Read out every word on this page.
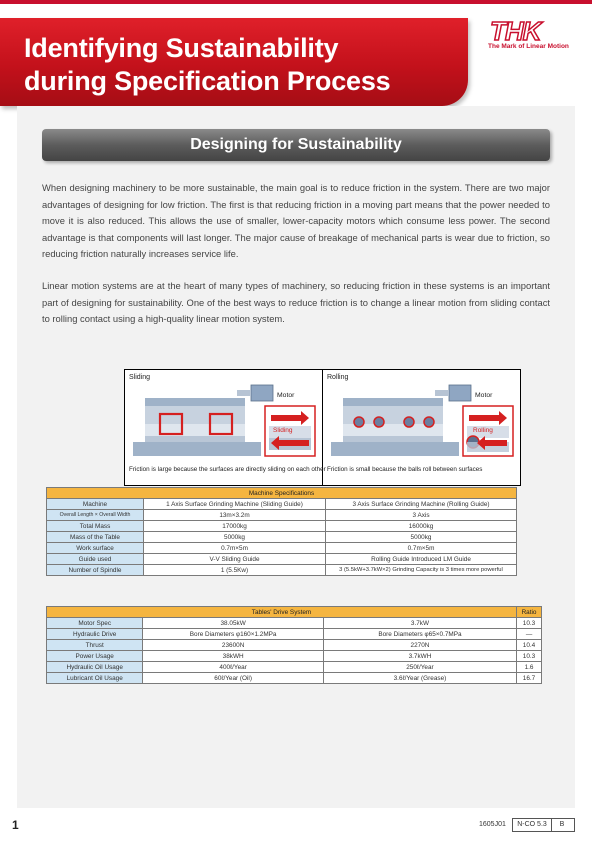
Identifying Sustainability
during Specification Process
THK
The Mark of Linear Motion
Designing for Sustainability
When designing machinery to be more sustainable, the main goal is to reduce friction in the system. There are two major advantages of designing for low friction. The first is that reducing friction in a moving part means that the power needed to move it is also reduced. This allows the use of smaller, lower-capacity motors which consume less power. The second advantage is that components will last longer. The major cause of breakage of mechanical parts is wear due to friction, so reducing friction naturally increases service life.
Linear motion systems are at the heart of many types of machinery, so reducing friction in these systems is an important part of designing for sustainability. One of the best ways to reduce friction is to change a linear motion from sliding contact to rolling contact using a high-quality linear motion system.
Sliding
Motor
Sliding
Friction is large because the surfaces are directly sliding on each other
Rolling
Motor
Rolling
Friction is small because the balls roll between surfaces
Machine Specifications		
Machine	1 Axis Surface Grinding Machine (Sliding Guide)	3 Axis Surface Grinding Machine (Rolling Guide)
Overall Length × Overall Width	13m×3.2m	3 Axis
Total Mass	17000kg	16000kg
Mass of the Table	5000kg	5000kg
Work surface	0.7m×5m	0.7m×5m
Guide used	V-V Sliding Guide	Rolling Guide Introduced LM Guide
Number of Spindle	1 (5.5Kw)	3 (5.5kW+3.7kW×2) Grinding Capacity is 3 times more powerful
Tables' Drive System			Ratio
Motor Spec	38.05kW	3.7kW	10.3
Hydraulic Drive	Bore Diameters φ160×1.2MPa	Bore Diameters φ65×0.7MPa	—
Thrust	23600N	2270N	10.4
Power Usage	38kWH	3.7kWH	10.3
Hydraulic Oil Usage	400ℓ/Year	250ℓ/Year	1.6
Lubricant Oil Usage	60ℓ/Year (Oil)	3.6ℓ/Year (Grease)	16.7
1	1605J01	N-CO 5.3	B
